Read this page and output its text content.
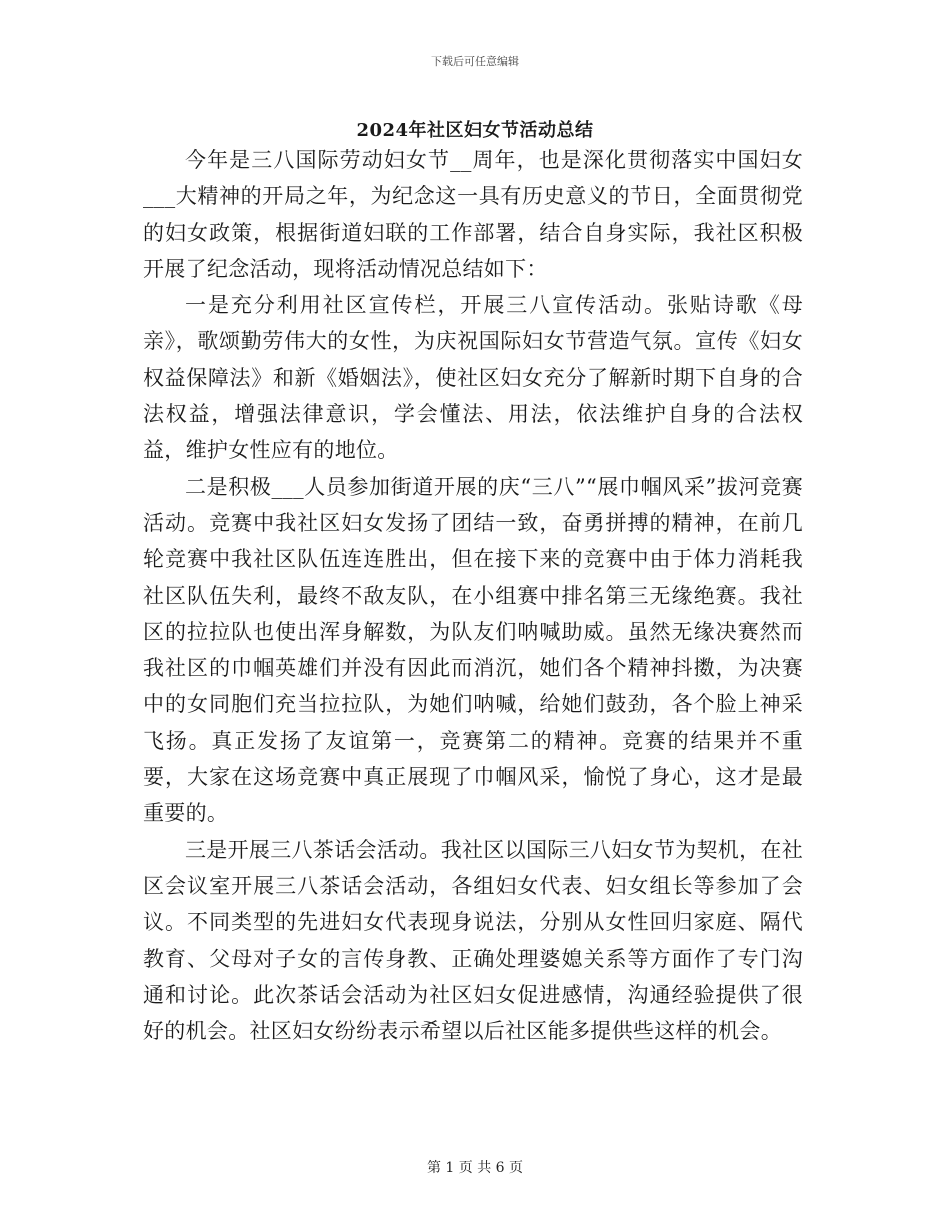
下载后可任意编辑
2024年社区妇女节活动总结

今年是三八国际劳动妇女节__周年，也是深化贯彻落实中国妇女___大精神的开局之年，为纪念这一具有历史意义的节日，全面贯彻党的妇女政策，根据街道妇联的工作部署，结合自身实际，我社区积极开展了纪念活动，现将活动情况总结如下：

一是充分利用社区宣传栏，开展三八宣传活动。张贴诗歌《母亲》，歌颂勤劳伟大的女性，为庆祝国际妇女节营造气氛。宣传《妇女权益保障法》和新《婚姻法》，使社区妇女充分了解新时期下自身的合法权益，增强法律意识，学会懂法、用法，依法维护自身的合法权益，维护女性应有的地位。

二是积极___人员参加街道开展的庆“三八”“展巾帼风采”拔河竞赛活动。竞赛中我社区妇女发扬了团结一致，奋勇拼搏的精神，在前几轮竞赛中我社区队伍连连胜出，但在接下来的竞赛中由于体力消耗我社区队伍失利，最终不敌友队，在小组赛中排名第三无缘绝赛。我社区的拉拉队也使出浑身解数，为队友们呐喊助威。虽然无缘决赛然而我社区的巾帼英雄们并没有因此而消沉，她们各个精神抖擞，为决赛中的女同胞们充当拉拉队，为她们呐喊，给她们鼓劲，各个脸上神采飞扬。真正发扬了友谊第一，竞赛第二的精神。竞赛的结果并不重要，大家在这场竞赛中真正展现了巾帼风采，愉悦了身心，这才是最重要的。

三是开展三八茶话会活动。我社区以国际三八妇女节为契机，在社区会议室开展三八茶话会活动，各组妇女代表、妇女组长等参加了会议。不同类型的先进妇女代表现身说法，分别从女性回归家庭、隔代教育、父母对子女的言传身教、正确处理婆媳关系等方面作了专门沟通和讨论。此次茶话会活动为社区妇女促进感情，沟通经验提供了很好的机会。社区妇女纷纷表示希望以后社区能多提供些这样的机会。

第 1 页 共 6 页
